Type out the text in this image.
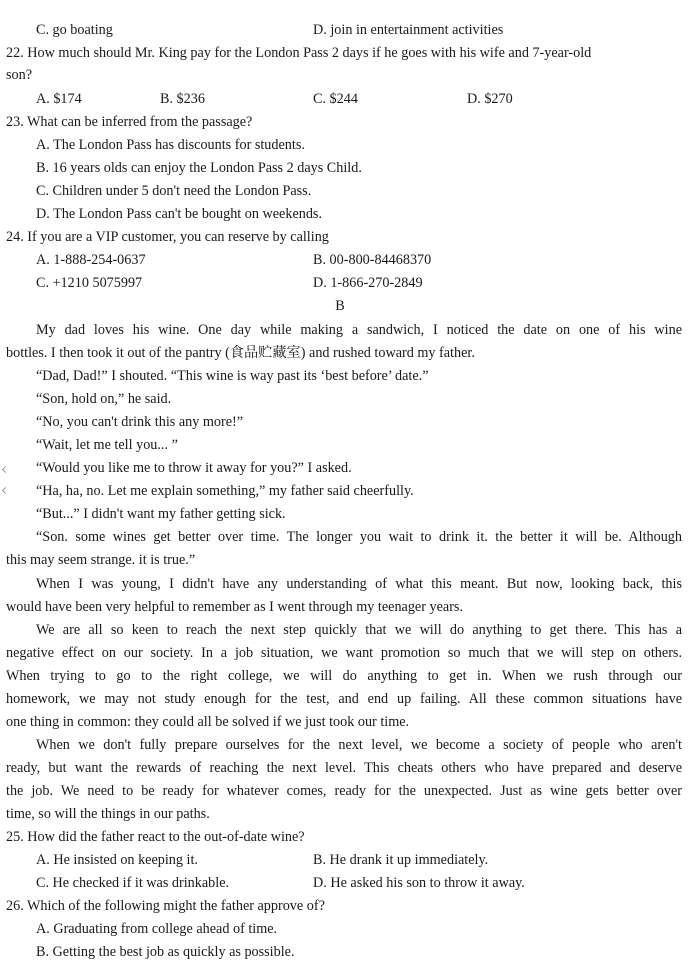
C. go boating	D. join in entertainment activities
22. How much should Mr. King pay for the London Pass 2 days if he goes with his wife and 7-year-old
son?
A. $174	B. $236	C. $244	D. $270
23. What can be inferred from the passage?
A. The London Pass has discounts for students.
B. 16 years olds can enjoy the London Pass 2 days Child.
C. Children under 5 don't need the London Pass.
D. The London Pass can't be bought on weekends.
24. If you are a VIP customer, you can reserve by calling
A. 1-888-254-0637	B. 00-800-84468370
C. +1210 5075997	D. 1-866-270-2849
B
My dad loves his wine. One day while making a sandwich, I noticed the date on one of his wine
bottles. I then took it out of the pantry (食品贮藏室) and rushed toward my father.
“Dad, Dad!” I shouted. “This wine is way past its ‘best before’ date.”
“Son, hold on,” he said.
“No, you can't drink this any more!”
“Wait, let me tell you... ”
“Would you like me to throw it away for you?” I asked.
“Ha, ha, no. Let me explain something,” my father said cheerfully.
“But...” I didn't want my father getting sick.
“Son. some wines get better over time. The longer you wait to drink it. the better it will be. Although
this may seem strange. it is true.”
When I was young, I didn't have any understanding of what this meant. But now, looking back, this
would have been very helpful to remember as I went through my teenager years.
We are all so keen to reach the next step quickly that we will do anything to get there. This has a
negative effect on our society. In a job situation, we want promotion so much that we will step on others.
When trying to go to the right college, we will do anything to get in. When we rush through our
homework, we may not study enough for the test, and end up failing. All these common situations have
one thing in common: they could all be solved if we just took our time.
When we don't fully prepare ourselves for the next level, we become a society of people who aren't
ready, but want the rewards of reaching the next level. This cheats others who have prepared and deserve
the job. We need to be ready for whatever comes, ready for the unexpected. Just as wine gets better over
time, so will the things in our paths.
25. How did the father react to the out-of-date wine?
A. He insisted on keeping it.	B. He drank it up immediately.
C. He checked if it was drinkable.	D. He asked his son to throw it away.
26. Which of the following might the father approve of?
A. Graduating from college ahead of time.
B. Getting the best job as quickly as possible.
